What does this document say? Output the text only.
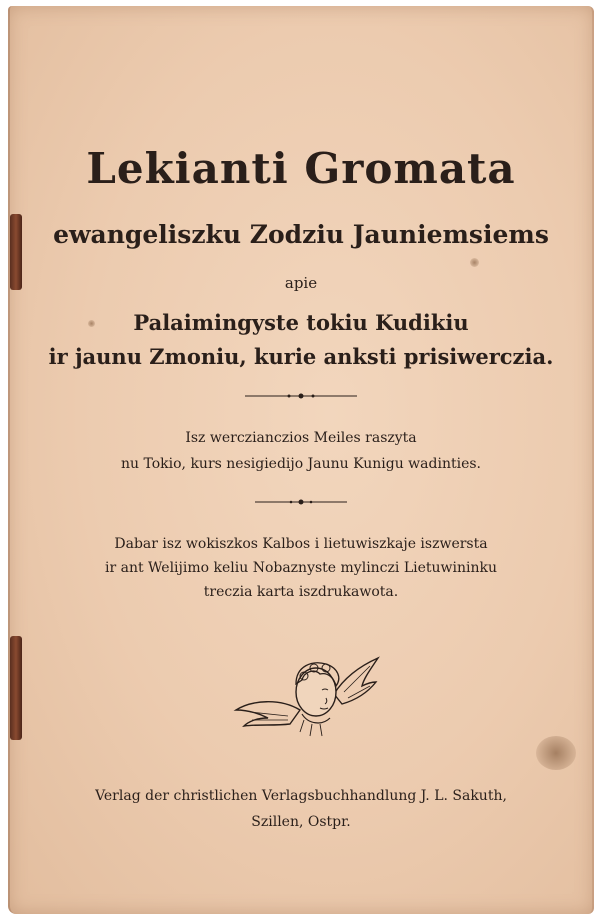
Lekianti Gromata
ewangeliszku Zodziu Jauniemsiems
apie
Palaimingyste tokiu Kudikiu
ir jaunu Zmoniu, kurie anksti prisiwerczia.
Isz werczianczios Meiles raszyta
nu Tokio, kurs nesigiedijo Jaunu Kunigu wadinties.
Dabar isz wokiszkos Kalbos i lietuwiszkaje iszwersta
ir ant Welijimo keliu Nobaznyste mylinczi Lietuwininku
treczia karta iszdrukawota.
Verlag der christlichen Verlagsbuchhandlung J. L. Sakuth,
Szillen, Ostpr.
